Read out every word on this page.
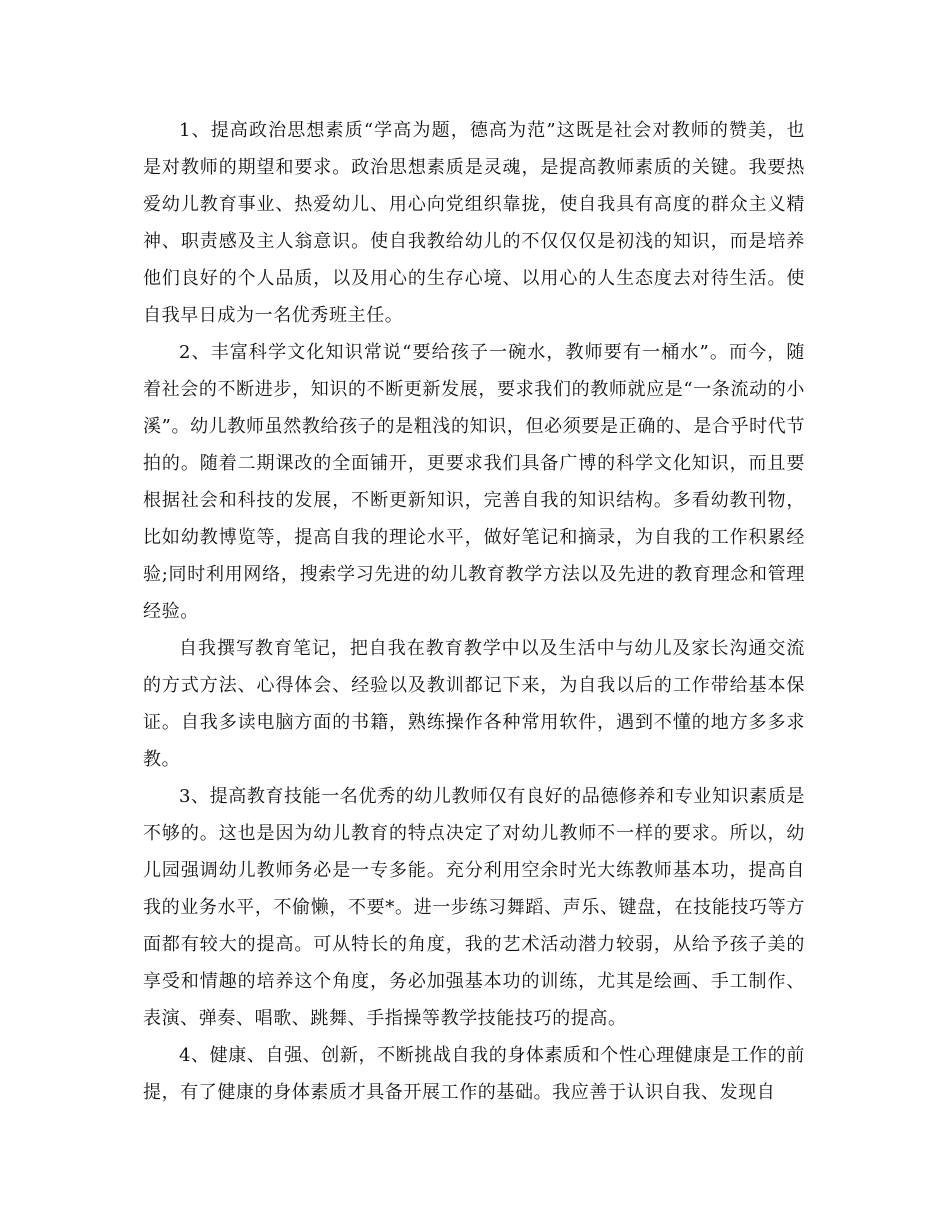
1、提高政治思想素质“学高为题，德高为范”这既是社会对教师的赞美，也是对教师的期望和要求。政治思想素质是灵魂，是提高教师素质的关键。我要热爱幼儿教育事业、热爱幼儿、用心向党组织靠拢，使自我具有高度的群众主义精神、职责感及主人翁意识。使自我教给幼儿的不仅仅仅是初浅的知识，而是培养他们良好的个人品质，以及用心的生存心境、以用心的人生态度去对待生活。使自我早日成为一名优秀班主任。

2、丰富科学文化知识常说“要给孩子一碗水，教师要有一桶水”。而今，随着社会的不断进步，知识的不断更新发展，要求我们的教师就应是“一条流动的小溪”。幼儿教师虽然教给孩子的是粗浅的知识，但必须要是正确的、是合乎时代节拍的。随着二期课改的全面铺开，更要求我们具备广博的科学文化知识，而且要根据社会和科技的发展，不断更新知识，完善自我的知识结构。多看幼教刊物，比如幼教博览等，提高自我的理论水平，做好笔记和摘录，为自我的工作积累经验;同时利用网络，搜索学习先进的幼儿教育教学方法以及先进的教育理念和管理经验。

自我撰写教育笔记，把自我在教育教学中以及生活中与幼儿及家长沟通交流的方式方法、心得体会、经验以及教训都记下来，为自我以后的工作带给基本保证。自我多读电脑方面的书籍，熟练操作各种常用软件，遇到不懂的地方多多求教。

3、提高教育技能一名优秀的幼儿教师仅有良好的品德修养和专业知识素质是不够的。这也是因为幼儿教育的特点决定了对幼儿教师不一样的要求。所以，幼儿园强调幼儿教师务必是一专多能。充分利用空余时光大练教师基本功，提高自我的业务水平，不偷懒，不要*。进一步练习舞蹈、声乐、键盘，在技能技巧等方面都有较大的提高。可从特长的角度，我的艺术活动潜力较弱，从给予孩子美的享受和情趣的培养这个角度，务必加强基本功的训练，尤其是绘画、手工制作、表演、弹奏、唱歌、跳舞、手指操等教学技能技巧的提高。

4、健康、自强、创新，不断挑战自我的身体素质和个性心理健康是工作的前提，有了健康的身体素质才具备开展工作的基础。我应善于认识自我、发现自
